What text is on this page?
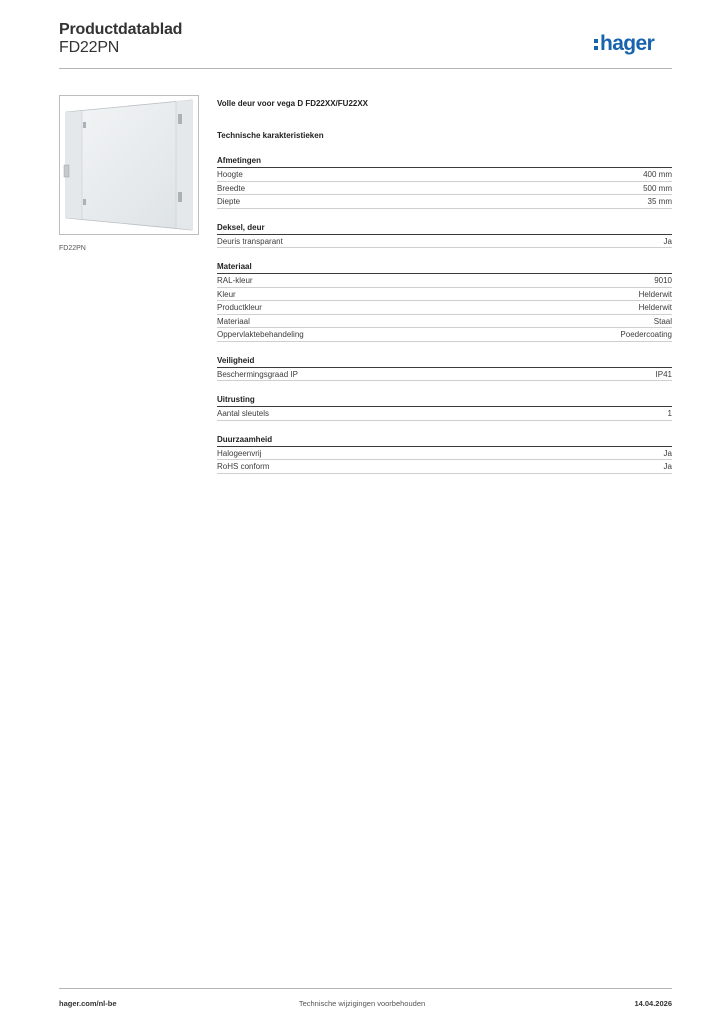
Productdatablad
FD22PN	hager
FD22PN
Volle deur voor vega D FD22XX/FU22XX
Technische karakteristieken
Afmetingen
Hoogte	400 mm
Breedte	500 mm
Diepte	35 mm
Deksel, deur
Deuris transparant	Ja
Materiaal
RAL-kleur	9010
Kleur	Helderwit
Productkleur	Helderwit
Materiaal	Staal
Oppervlaktebehandeling	Poedercoating
Veiligheid
Beschermingsgraad IP	IP41
Uitrusting
Aantal sleutels	1
Duurzaamheid
Halogeenvrij	Ja
RoHS conform	Ja
hager.com/nl-be	Technische wijzigingen voorbehouden	14.04.2026
